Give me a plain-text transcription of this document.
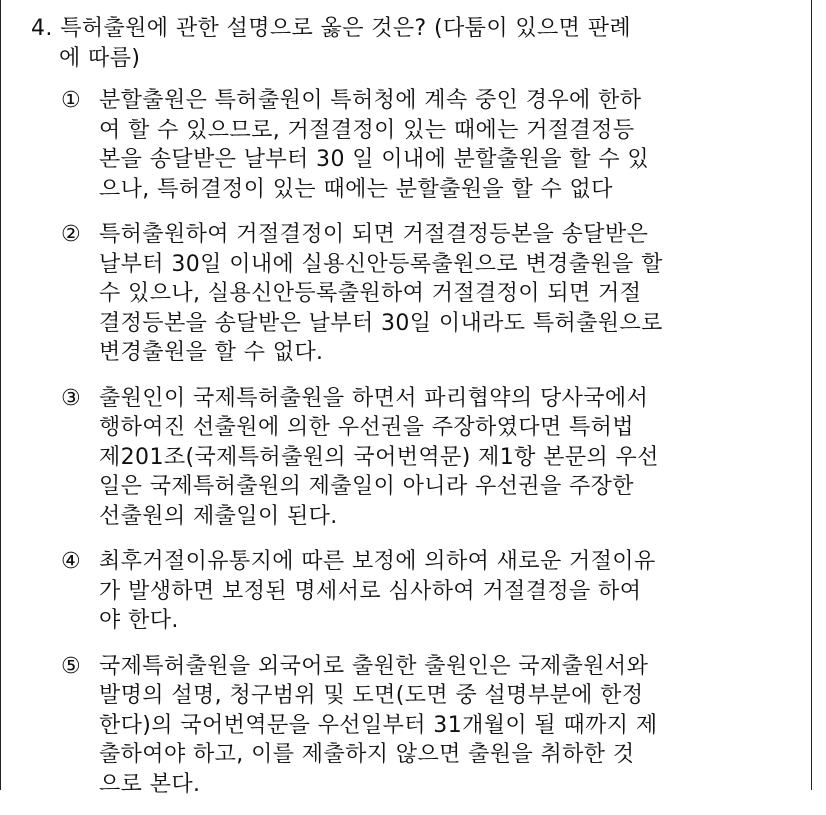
4. 특허출원에 관한 설명으로 옳은 것은? (다툼이 있으면 판례
에 따름)
① 분할출원은 특허출원이 특허청에 계속 중인 경우에 한하
여 할 수 있으므로, 거절결정이 있는 때에는 거절결정등
본을 송달받은 날부터 30 일 이내에 분할출원을 할 수 있
으나, 특허결정이 있는 때에는 분할출원을 할 수 없다
② 특허출원하여 거절결정이 되면 거절결정등본을 송달받은
날부터 30일 이내에 실용신안등록출원으로 변경출원을 할
수 있으나, 실용신안등록출원하여 거절결정이 되면 거절
결정등본을 송달받은 날부터 30일 이내라도 특허출원으로
변경출원을 할 수 없다.
③ 출원인이 국제특허출원을 하면서 파리협약의 당사국에서
행하여진 선출원에 의한 우선권을 주장하였다면 특허법
제201조(국제특허출원의 국어번역문) 제1항 본문의 우선
일은 국제특허출원의 제출일이 아니라 우선권을 주장한
선출원의 제출일이 된다.
④ 최후거절이유통지에 따른 보정에 의하여 새로운 거절이유
가 발생하면 보정된 명세서로 심사하여 거절결정을 하여
야 한다.
⑤ 국제특허출원을 외국어로 출원한 출원인은 국제출원서와
발명의 설명, 청구범위 및 도면(도면 중 설명부분에 한정
한다)의 국어번역문을 우선일부터 31개월이 될 때까지 제
출하여야 하고, 이를 제출하지 않으면 출원을 취하한 것
으로 본다.
